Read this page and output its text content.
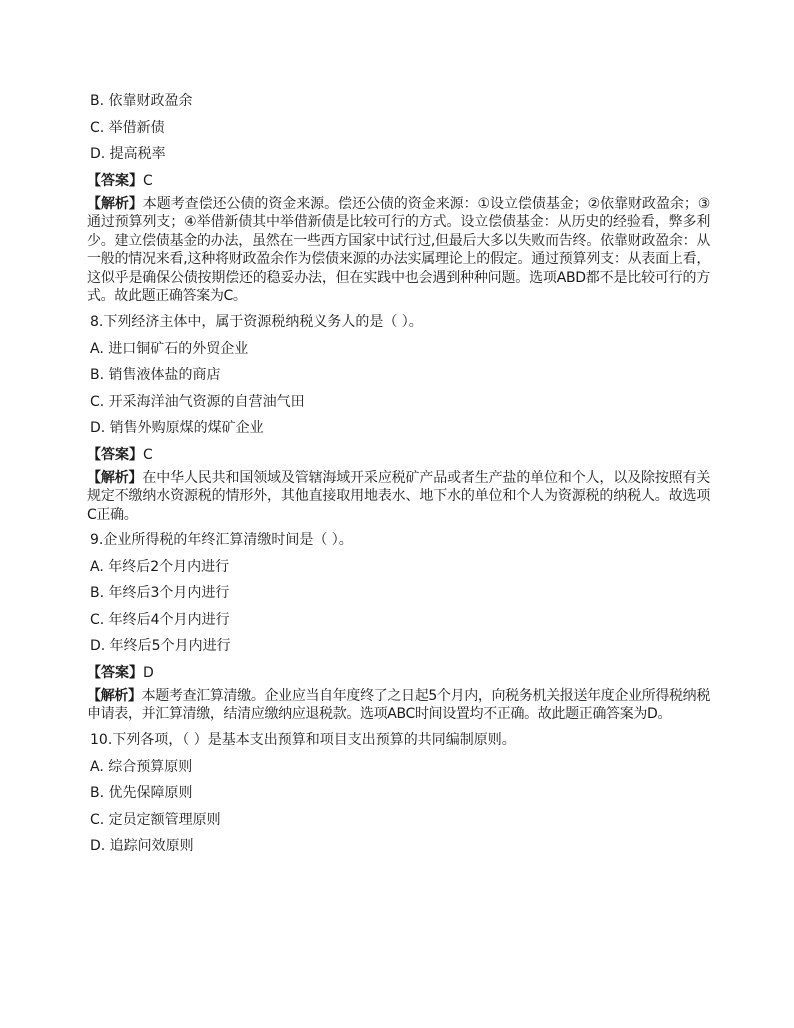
B. 依靠财政盈余
C. 举借新债
D. 提高税率
【答案】C
【解析】本题考查偿还公债的资金来源。偿还公债的资金来源：①设立偿债基金；②依靠财政盈余；③通过预算列支；④举借新债其中举借新债是比较可行的方式。设立偿债基金：从历史的经验看，弊多利少。建立偿债基金的办法，虽然在一些西方国家中试行过,但最后大多以失败而告终。依靠财政盈余：从一般的情况来看,这种将财政盈余作为偿债来源的办法实属理论上的假定。通过预算列支：从表面上看，这似乎是确保公债按期偿还的稳妥办法，但在实践中也会遇到种种问题。选项ABD都不是比较可行的方式。故此题正确答案为C。
8.下列经济主体中，属于资源税纳税义务人的是（ ）。
A. 进口铜矿石的外贸企业
B. 销售液体盐的商店
C. 开采海洋油气资源的自营油气田
D. 销售外购原煤的煤矿企业
【答案】C
【解析】在中华人民共和国领域及管辖海域开采应税矿产品或者生产盐的单位和个人，以及除按照有关规定不缴纳水资源税的情形外，其他直接取用地表水、地下水的单位和个人为资源税的纳税人。故选项C正确。
9.企业所得税的年终汇算清缴时间是（ ）。
A. 年终后2个月内进行
B. 年终后3个月内进行
C. 年终后4个月内进行
D. 年终后5个月内进行
【答案】D
【解析】本题考查汇算清缴。企业应当自年度终了之日起5个月内，向税务机关报送年度企业所得税纳税申请表，并汇算清缴，结清应缴纳应退税款。选项ABC时间设置均不正确。故此题正确答案为D。
10.下列各项，（ ）是基本支出预算和项目支出预算的共同编制原则。
A. 综合预算原则
B. 优先保障原则
C. 定员定额管理原则
D. 追踪问效原则
